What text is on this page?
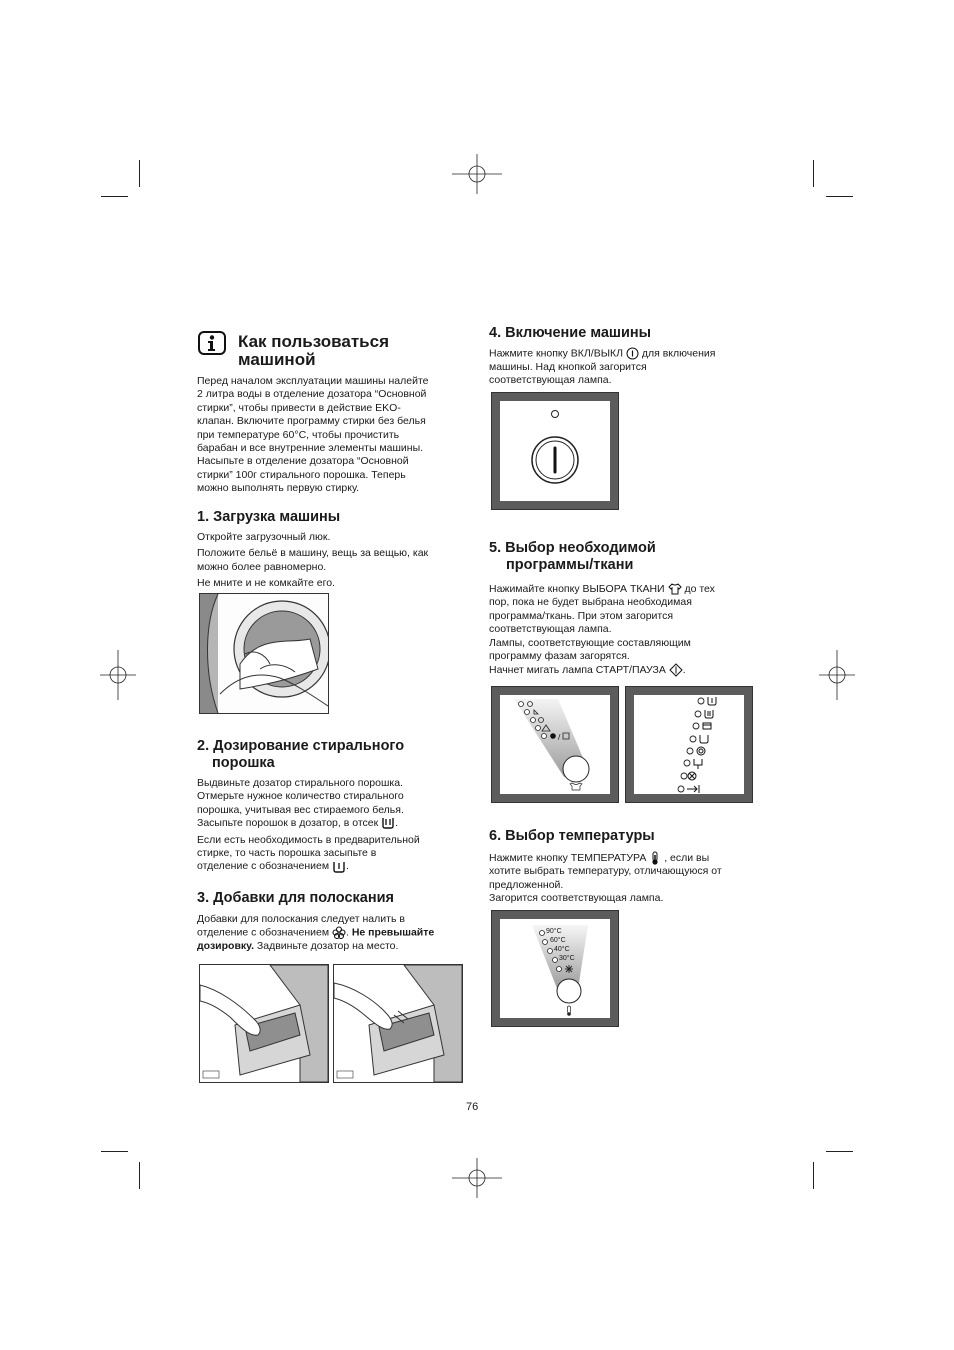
Как пользоваться
машиной
Перед началом эксплуатации машины налейте
2 литра воды в отделение дозатора “Основной
стирки”, чтобы привести в действие EKO-
клапан. Включите программу стирки без белья
при температуре 60°C, чтобы прочистить
барабан и все внутренние элементы машины.
Насыпьте в отделение дозатора “Основной
стирки” 100г стирального порошка. Теперь
можно выполнять первую стирку.
1. Загрузка машины
Откройте загрузочный люк.
Положите бельё в машину, вещь за вещью, как
можно более равномерно.
Не мните и не комкайте его.
2. Дозирование стирального
порошка
Выдвиньте дозатор стирального порошка.
Отмерьте нужное количество стирального
порошка, учитывая вес стираемого белья.
Засыпьте порошок в дозатор, в отсек .
Если есть необходимость в предварительной
стирке, то часть порошка засыпьте в
отделение с обозначением .
3. Добавки для полоскания
Добавки для полоскания следует налить в
отделение с обозначением . Не превышайте
дозировку. Задвиньте дозатор на место.
4. Включение машины
Нажмите кнопку ВКЛ/ВЫКЛ для включения
машины. Над кнопкой загорится
соответствующая лампа.
5. Выбор необходимой
программы/ткани
Нажимайте кнопку ВЫБОРА ТКАНИ до тех
пор, пока не будет выбрана необходимая
программа/ткань. При этом загорится
соответствующая лампа.
Лампы, соответствующие составляющим
программу фазам загорятся.
Начнет мигать лампа СТАРТ/ПАУЗА .
/
6. Выбор температуры
Нажмите кнопку ТЕМПЕРАТУРА , если вы
хотите выбрать температуру, отличающуюся от
предложенной.
Загорится соответствующая лампа.
90°C
60°C
40°C
30°C
76
